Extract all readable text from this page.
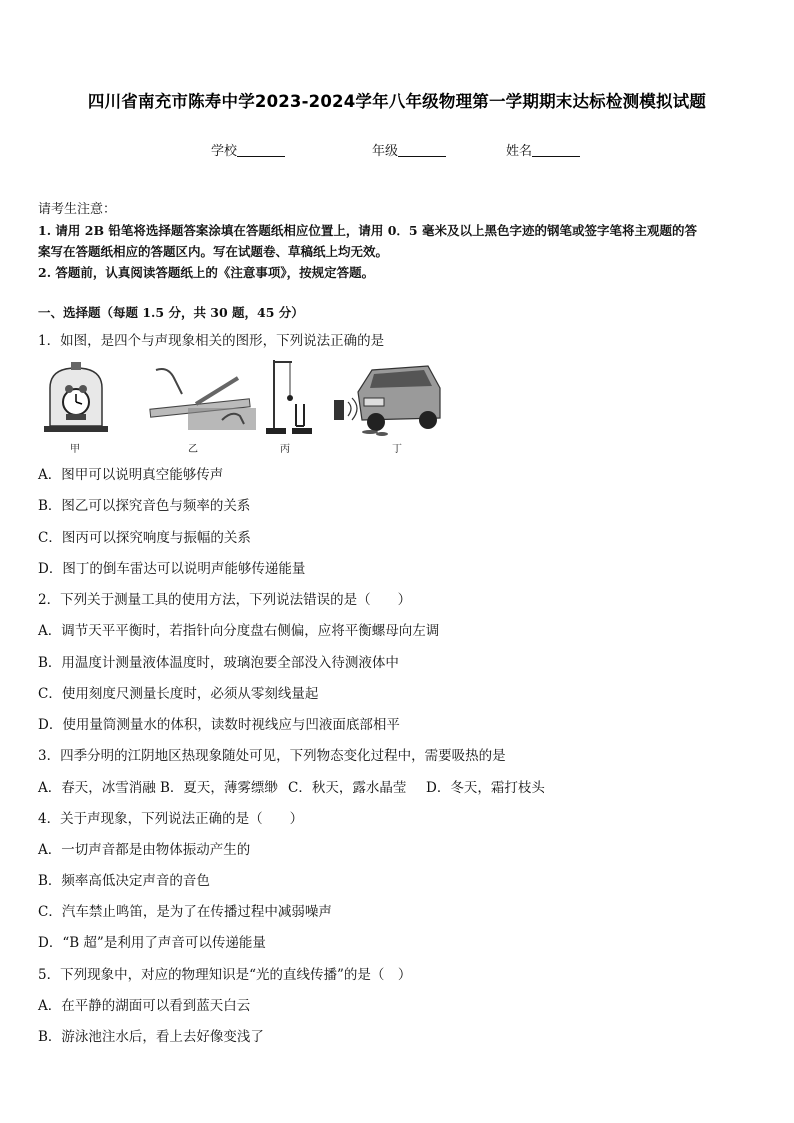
四川省南充市陈寿中学2023-2024学年八年级物理第一学期期末达标检测模拟试题
学校	年级	姓名
请考生注意：
1. 请用 2B 铅笔将选择题答案涂填在答题纸相应位置上，请用 0．5 毫米及以上黑色字迹的钢笔或签字笔将主观题的答
案写在答题纸相应的答题区内。写在试题卷、草稿纸上均无效。
2. 答题前，认真阅读答题纸上的《注意事项》，按规定答题。
一、选择题（每题 1.5 分，共 30 题，45 分）
1．如图，是四个与声现象相关的图形，下列说法正确的是
甲	乙	丙	丁
A．图甲可以说明真空能够传声
B．图乙可以探究音色与频率的关系
C．图丙可以探究响度与振幅的关系
D．图丁的倒车雷达可以说明声能够传递能量
2．下列关于测量工具的使用方法，下列说法错误的是（　　）
A．调节天平平衡时，若指针向分度盘右侧偏，应将平衡螺母向左调
B．用温度计测量液体温度时，玻璃泡要全部没入待测液体中
C．使用刻度尺测量长度时，必须从零刻线量起
D．使用量筒测量水的体积，读数时视线应与凹液面底部相平
3．四季分明的江阴地区热现象随处可见，下列物态变化过程中，需要吸热的是
A．春天，冰雪消融 B．夏天，薄雾缥缈 C．秋天，露水晶莹 D．冬天，霜打枝头
4．关于声现象，下列说法正确的是（　　）
A．一切声音都是由物体振动产生的
B．频率高低决定声音的音色
C．汽车禁止鸣笛，是为了在传播过程中减弱噪声
D．“B 超”是利用了声音可以传递能量
5．下列现象中，对应的物理知识是“光的直线传播”的是（　）
A．在平静的湖面可以看到蓝天白云
B．游泳池注水后，看上去好像变浅了
